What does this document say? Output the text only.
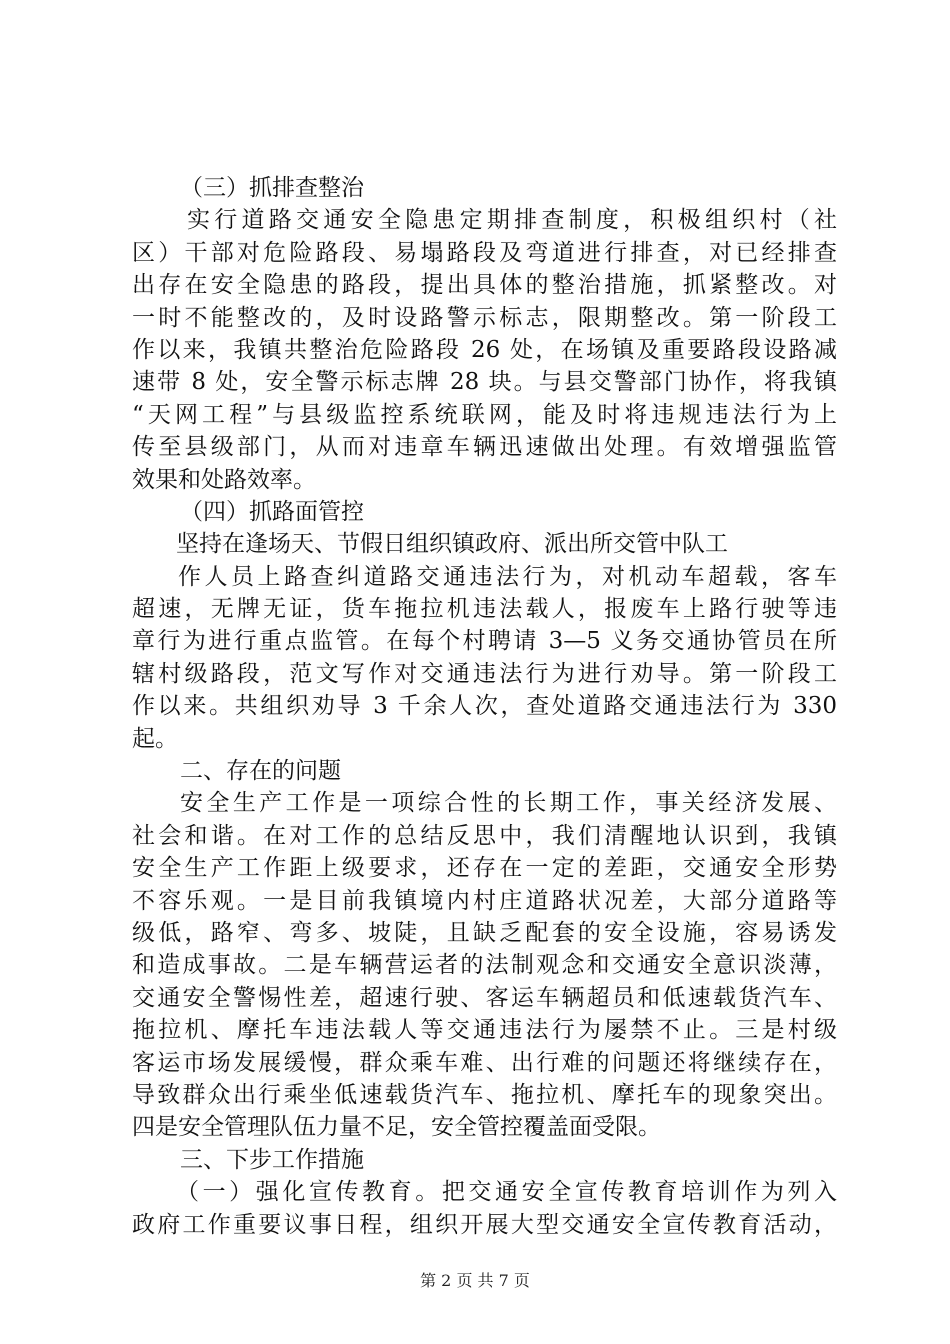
（三）抓排查整治
实行道路交通安全隐患定期排查制度，积极组织村（社
区）干部对危险路段、易塌路段及弯道进行排查，对已经排查
出存在安全隐患的路段，提出具体的整治措施，抓紧整改。对
一时不能整改的，及时设路警示标志，限期整改。第一阶段工
作以来，我镇共整治危险路段 26 处，在场镇及重要路段设路减
速带 8 处，安全警示标志牌 28 块。与县交警部门协作，将我镇
“天网工程”与县级监控系统联网，能及时将违规违法行为上
传至县级部门，从而对违章车辆迅速做出处理。有效增强监管
效果和处路效率。
（四）抓路面管控
坚持在逢场天、节假日组织镇政府、派出所交管中队工
作人员上路查纠道路交通违法行为，对机动车超载，客车
超速，无牌无证，货车拖拉机违法载人，报废车上路行驶等违
章行为进行重点监管。在每个村聘请 3—5 义务交通协管员在所
辖村级路段，范文写作对交通违法行为进行劝导。第一阶段工
作以来。共组织劝导 3 千余人次，查处道路交通违法行为 330
起。
二、存在的问题
安全生产工作是一项综合性的长期工作，事关经济发展、
社会和谐。在对工作的总结反思中，我们清醒地认识到，我镇
安全生产工作距上级要求，还存在一定的差距，交通安全形势
不容乐观。一是目前我镇境内村庄道路状况差，大部分道路等
级低，路窄、弯多、坡陡，且缺乏配套的安全设施，容易诱发
和造成事故。二是车辆营运者的法制观念和交通安全意识淡薄，
交通安全警惕性差，超速行驶、客运车辆超员和低速载货汽车、
拖拉机、摩托车违法载人等交通违法行为屡禁不止。三是村级
客运市场发展缓慢，群众乘车难、出行难的问题还将继续存在，
导致群众出行乘坐低速载货汽车、拖拉机、摩托车的现象突出。
四是安全管理队伍力量不足，安全管控覆盖面受限。
三、下步工作措施
（一）强化宣传教育。把交通安全宣传教育培训作为列入
政府工作重要议事日程，组织开展大型交通安全宣传教育活动，
第 2 页 共 7 页
